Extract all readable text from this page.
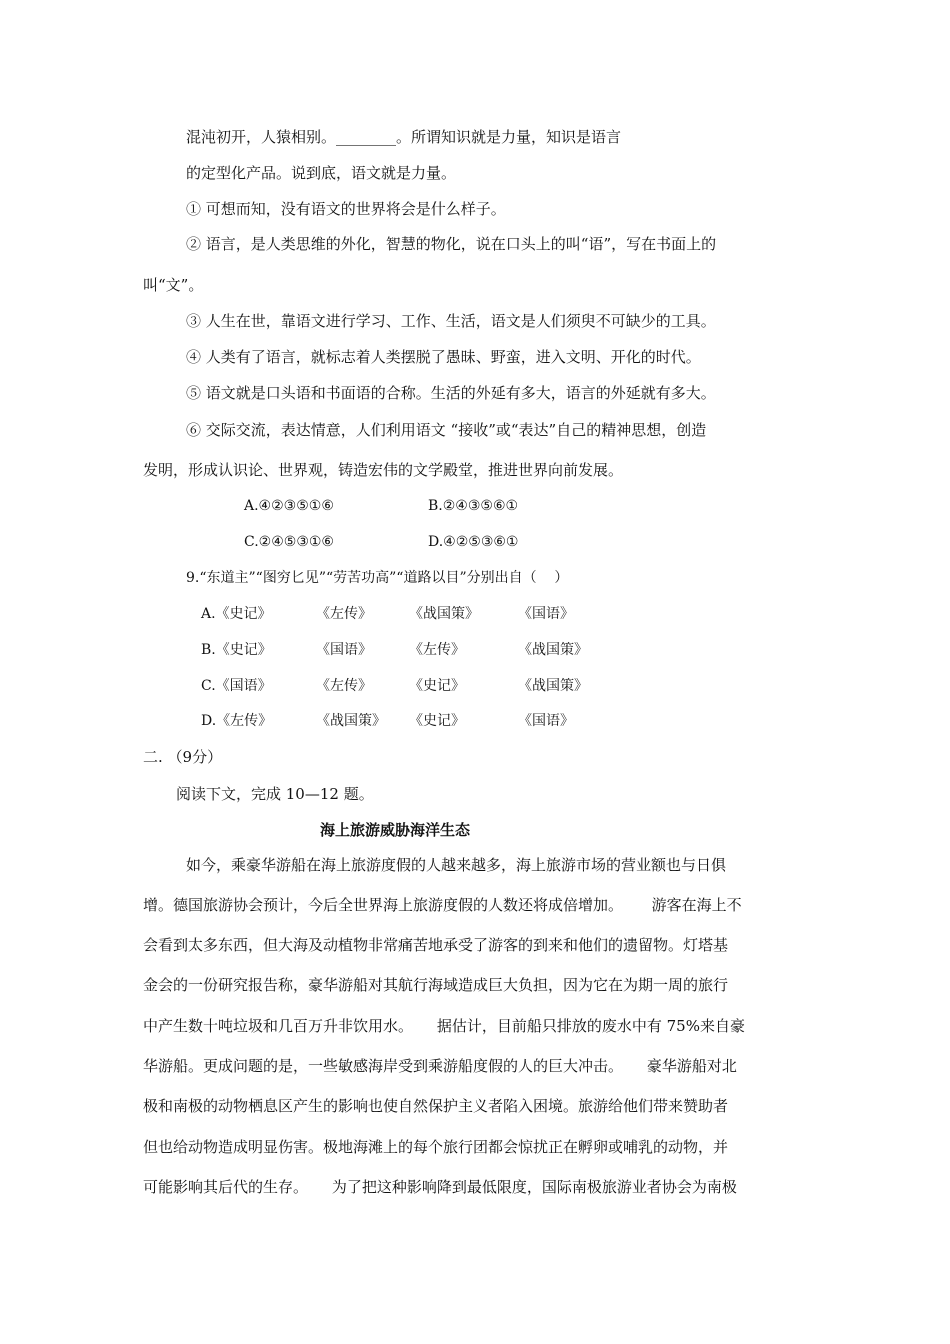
混沌初开，人猿相别。________。所谓知识就是力量，知识是语言
的定型化产品。说到底，语文就是力量。
① 可想而知，没有语文的世界将会是什么样子。
② 语言，是人类思维的外化，智慧的物化，说在口头上的叫“语”，写在书面上的
叫“文”。
③ 人生在世，靠语文进行学习、工作、生活，语文是人们须臾不可缺少的工具。
④ 人类有了语言，就标志着人类摆脱了愚昧、野蛮，进入文明、开化的时代。
⑤ 语文就是口头语和书面语的合称。生活的外延有多大，语言的外延就有多大。
⑥ 交际交流，表达情意，人们利用语文 “接收”或“表达”自己的精神思想，创造
发明，形成认识论、世界观，铸造宏伟的文学殿堂，推进世界向前发展。
A.④②③⑤①⑥	B.②④③⑤⑥①
C.②④⑤③①⑥	D.④②⑤③⑥①
9.“东道主”“图穷匕见”“劳苦功高”“道路以目”分别出自（    ）
A.《史记》	《左传》	《战国策》	《国语》
B.《史记》	《国语》	《左传》	《战国策》
C.《国语》	《左传》	《史记》	《战国策》
D.《左传》	《战国策》 《史记》	《国语》
二. （9分）
阅读下文，完成 10—12 题。
海上旅游威胁海洋生态
如今，乘豪华游船在海上旅游度假的人越来越多，海上旅游市场的营业额也与日俱
增。德国旅游协会预计，今后全世界海上旅游度假的人数还将成倍增加。      游客在海上不
会看到太多东西，但大海及动植物非常痛苦地承受了游客的到来和他们的遗留物。灯塔基
金会的一份研究报告称，豪华游船对其航行海域造成巨大负担，因为它在为期一周的旅行
中产生数十吨垃圾和几百万升非饮用水。     据估计，目前船只排放的废水中有 75%来自豪
华游船。更成问题的是，一些敏感海岸受到乘游船度假的人的巨大冲击。     豪华游船对北
极和南极的动物栖息区产生的影响也使自然保护主义者陷入困境。旅游给他们带来赞助者
但也给动物造成明显伤害。极地海滩上的每个旅行团都会惊扰正在孵卵或哺乳的动物，并
可能影响其后代的生存。     为了把这种影响降到最低限度，国际南极旅游业者协会为南极
